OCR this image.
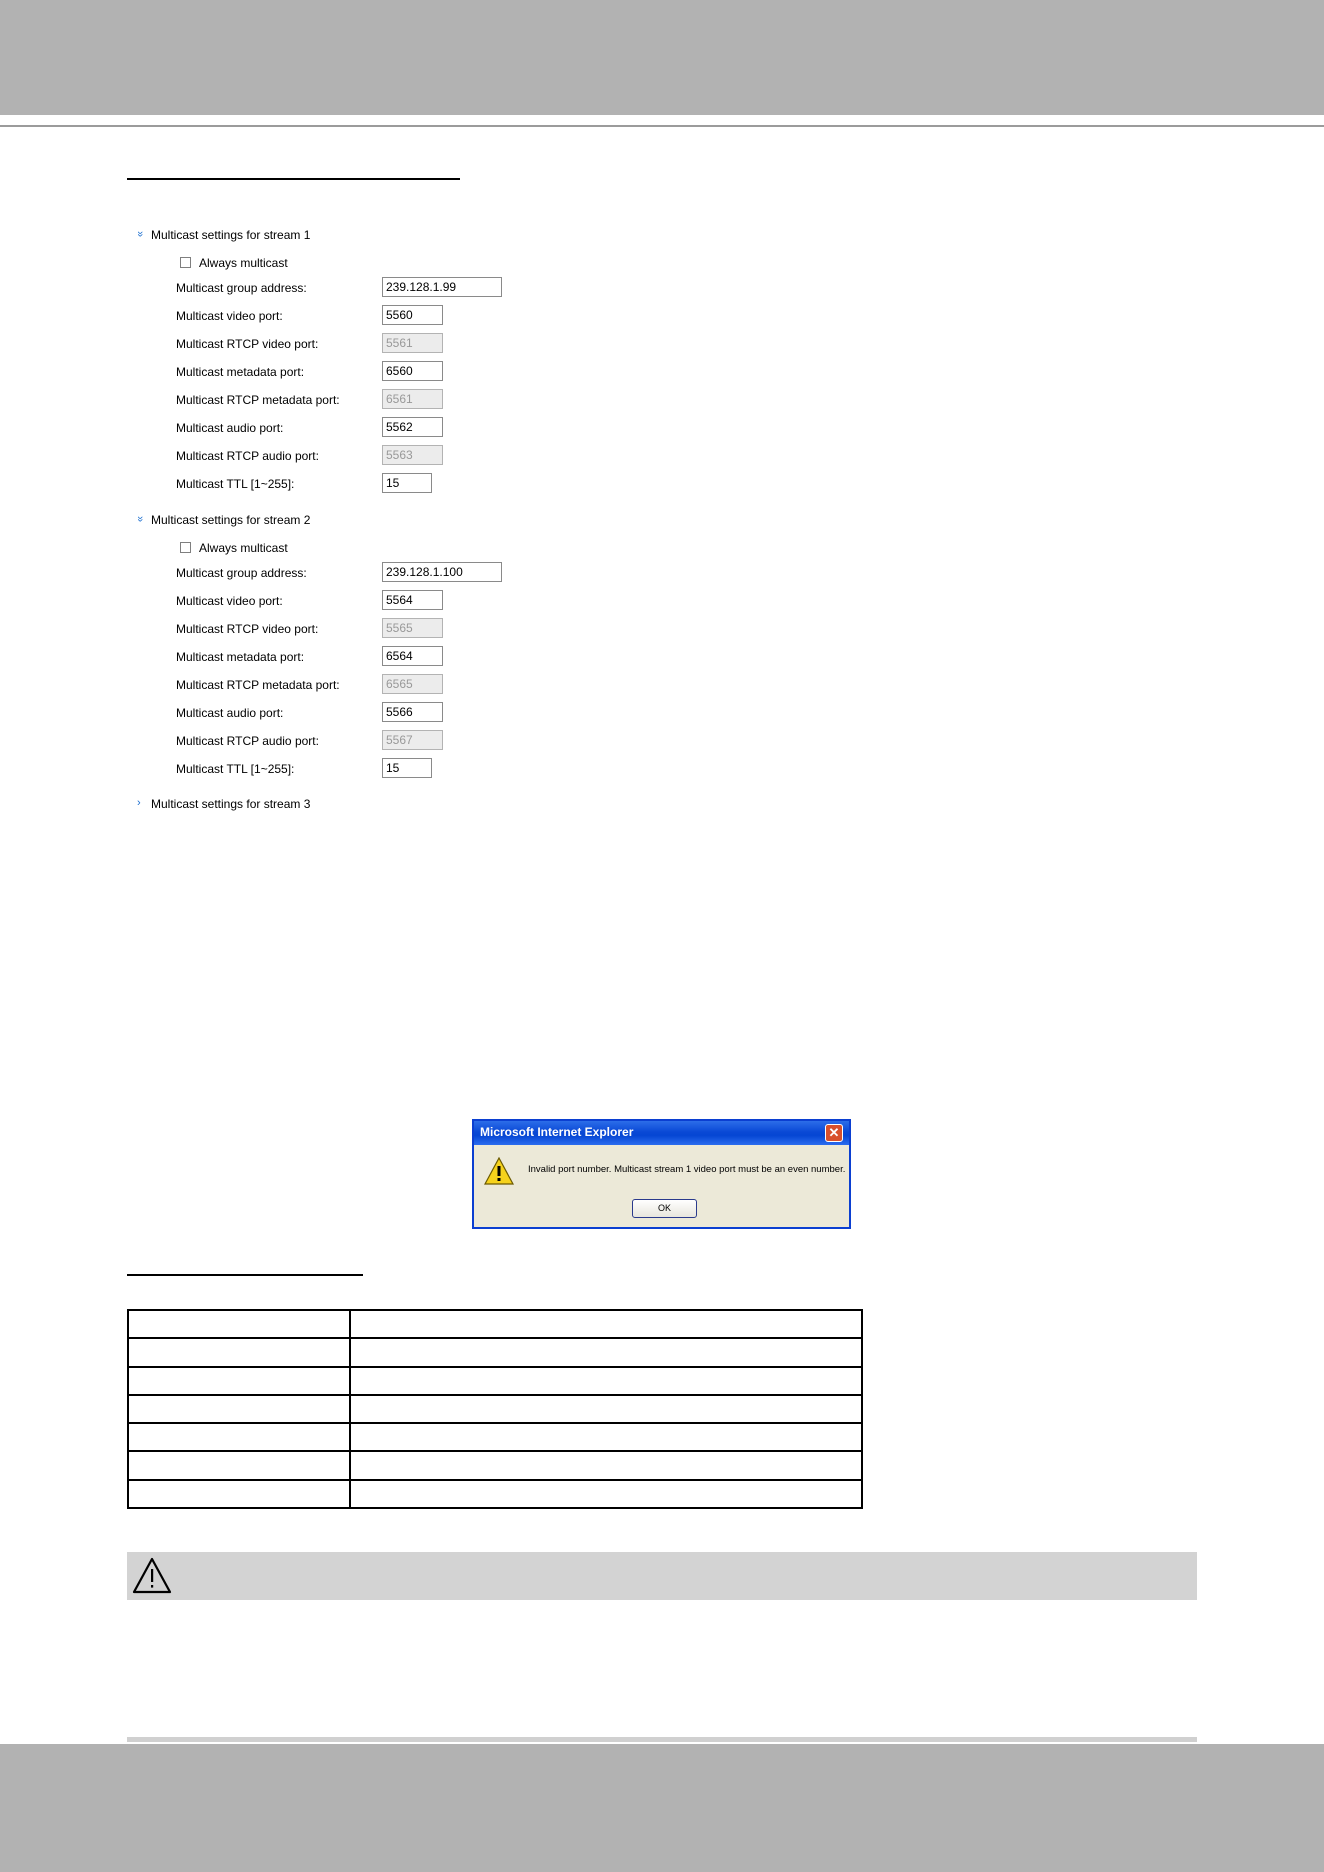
» Multicast settings for stream 1
Always multicast
Multicast group address:	239.128.1.99
Multicast video port:	5560
Multicast RTCP video port:	5561
Multicast metadata port:	6560
Multicast RTCP metadata port:	6561
Multicast audio port:	5562
Multicast RTCP audio port:	5563
Multicast TTL [1~255]:	15
» Multicast settings for stream 2
Always multicast
Multicast group address:	239.128.1.100
Multicast video port:	5564
Multicast RTCP video port:	5565
Multicast metadata port:	6564
Multicast RTCP metadata port:	6565
Multicast audio port:	5566
Multicast RTCP audio port:	5567
Multicast TTL [1~255]:	15
› Multicast settings for stream 3
Microsoft Internet Explorer	✕
Invalid port number. Multicast stream 1 video port must be an even number.
OK
